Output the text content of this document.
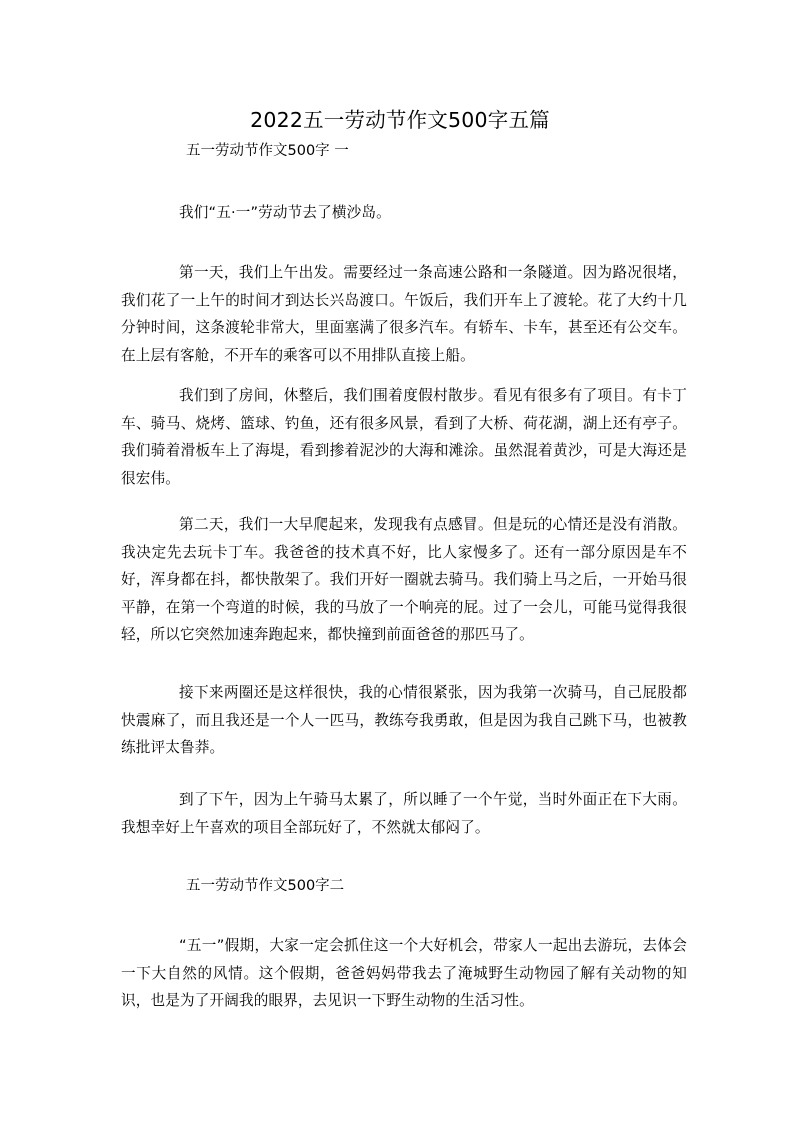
2022五一劳动节作文500字五篇
五一劳动节作文500字 一

我们“五·一”劳动节去了横沙岛。

第一天，我们上午出发。需要经过一条高速公路和一条隧道。因为路况很堵，我们花了一上午的时间才到达长兴岛渡口。午饭后，我们开车上了渡轮。花了大约十几分钟时间，这条渡轮非常大，里面塞满了很多汽车。有轿车、卡车，甚至还有公交车。在上层有客舱，不开车的乘客可以不用排队直接上船。

我们到了房间，休整后，我们围着度假村散步。看见有很多有了项目。有卡丁车、骑马、烧烤、篮球、钓鱼，还有很多风景，看到了大桥、荷花湖，湖上还有亭子。我们骑着滑板车上了海堤，看到掺着泥沙的大海和滩涂。虽然混着黄沙，可是大海还是很宏伟。

第二天，我们一大早爬起来，发现我有点感冒。但是玩的心情还是没有消散。我决定先去玩卡丁车。我爸爸的技术真不好，比人家慢多了。还有一部分原因是车不好，浑身都在抖，都快散架了。我们开好一圈就去骑马。我们骑上马之后，一开始马很平静，在第一个弯道的时候，我的马放了一个响亮的屁。过了一会儿，可能马觉得我很轻，所以它突然加速奔跑起来，都快撞到前面爸爸的那匹马了。

接下来两圈还是这样很快，我的心情很紧张，因为我第一次骑马，自己屁股都快震麻了，而且我还是一个人一匹马，教练夸我勇敢，但是因为我自己跳下马，也被教练批评太鲁莽。

到了下午，因为上午骑马太累了，所以睡了一个午觉，当时外面正在下大雨。我想幸好上午喜欢的项目全部玩好了，不然就太郁闷了。

五一劳动节作文500字二

“五一”假期，大家一定会抓住这一个大好机会，带家人一起出去游玩，去体会一下大自然的风情。这个假期，爸爸妈妈带我去了淹城野生动物园了解有关动物的知识，也是为了开阔我的眼界，去见识一下野生动物的生活习性。
